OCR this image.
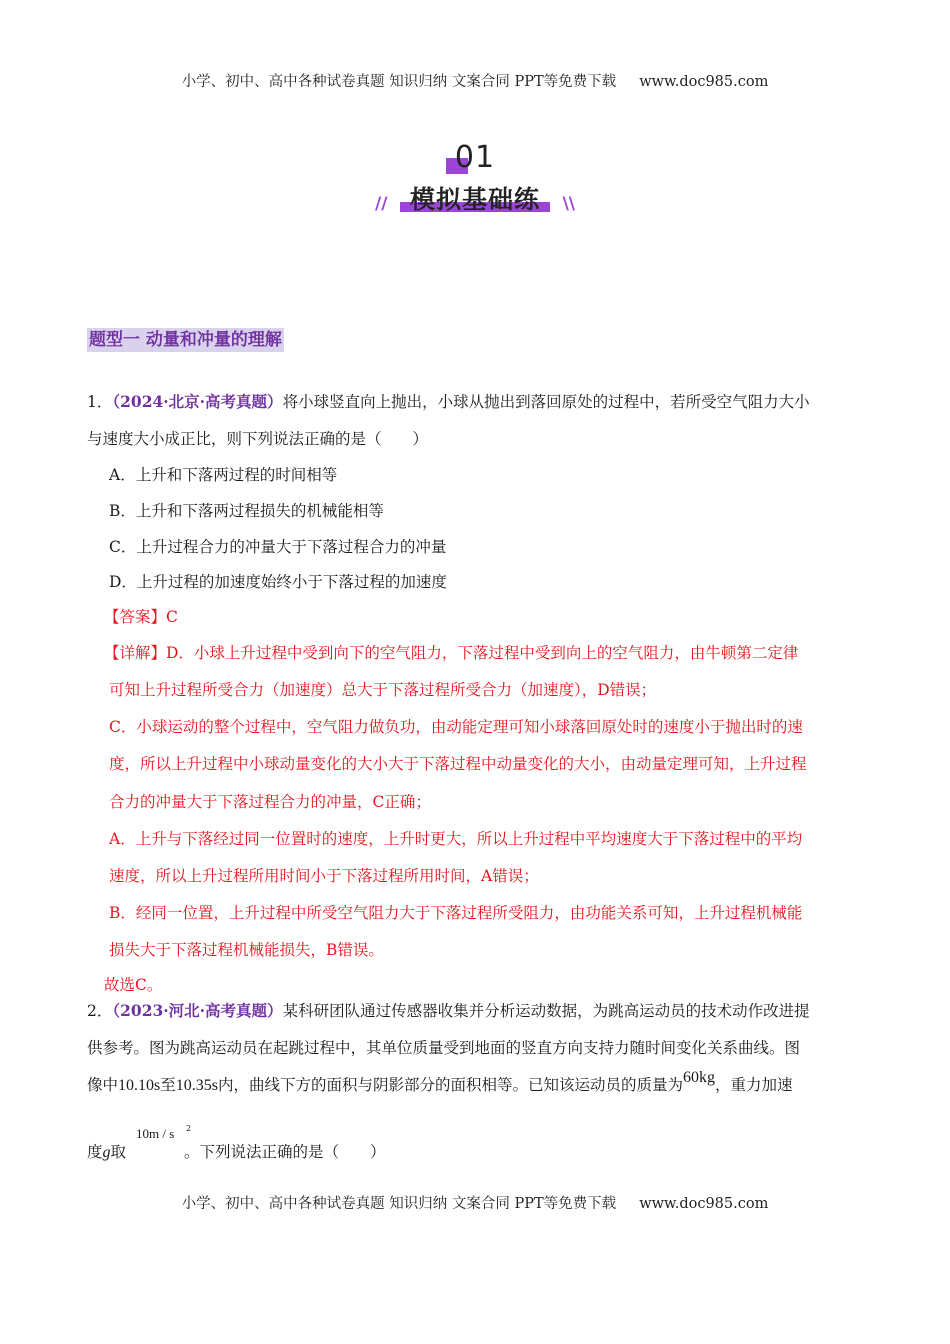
小学、初中、高中各种试卷真题 知识归纳 文案合同 PPT等免费下载     www.doc985.com
01
// 模拟基础练	\\
题型一 动量和冲量的理解
1．（2024·北京·高考真题）将小球竖直向上抛出，小球从抛出到落回原处的过程中，若所受空气阻力大小
与速度大小成正比，则下列说法正确的是（　　）
A．上升和下落两过程的时间相等
B．上升和下落两过程损失的机械能相等
C．上升过程合力的冲量大于下落过程合力的冲量
D．上升过程的加速度始终小于下落过程的加速度
【答案】C
【详解】D．小球上升过程中受到向下的空气阻力，下落过程中受到向上的空气阻力，由牛顿第二定律
可知上升过程所受合力（加速度）总大于下落过程所受合力（加速度），D错误；
C．小球运动的整个过程中，空气阻力做负功，由动能定理可知小球落回原处时的速度小于抛出时的速
度，所以上升过程中小球动量变化的大小大于下落过程中动量变化的大小，由动量定理可知，上升过程
合力的冲量大于下落过程合力的冲量，C正确；
A．上升与下落经过同一位置时的速度，上升时更大，所以上升过程中平均速度大于下落过程中的平均
速度，所以上升过程所用时间小于下落过程所用时间，A错误；
B．经同一位置，上升过程中所受空气阻力大于下落过程所受阻力，由功能关系可知，上升过程机械能
损失大于下落过程机械能损失，B错误。
故选C。
2．（2023·河北·高考真题）某科研团队通过传感器收集并分析运动数据，为跳高运动员的技术动作改进提
供参考。图为跳高运动员在起跳过程中，其单位质量受到地面的竖直方向支持力随时间变化关系曲线。图
像中10.10s至10.35s内，曲线下方的面积与阴影部分的面积相等。已知该运动员的质量为60kg，重力加速
度g取	。下列说法正确的是（　　）
10m / s 2
小学、初中、高中各种试卷真题 知识归纳 文案合同 PPT等免费下载     www.doc985.com
